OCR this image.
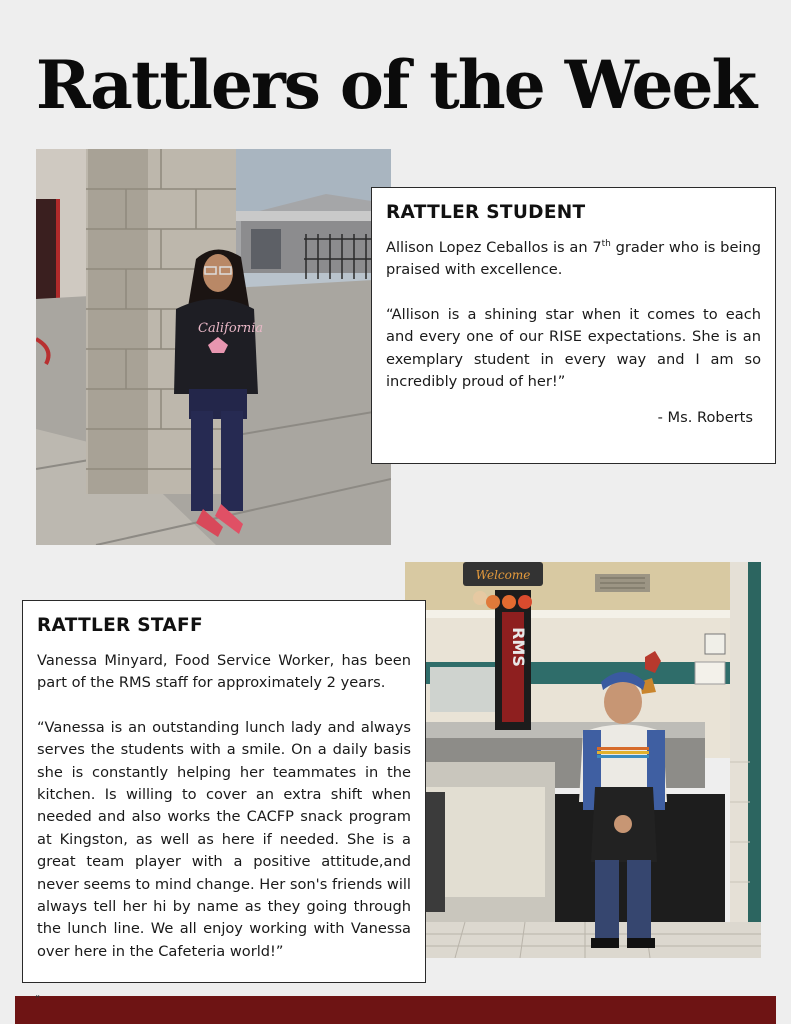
Rattlers of the Week
California
RATTLER STUDENT

Allison Lopez Ceballos is an 7th grader who is being praised with excellence.

“Allison is a shining star when it comes to each and every one of our RISE expectations. She is an exemplary student in every way and I am so incredibly proud of her!”

- Ms. Roberts

RMS
Welcome
RATTLER STAFF

Vanessa Minyard, Food Service Worker, has been part of the RMS staff for approximately 2 years.

“Vanessa is an outstanding lunch lady and always serves the students with a smile. On a daily basis she is constantly helping her teammates in the kitchen. Is willing to cover an extra shift when needed and also works the CACFP snack program at Kingston, as well as here if needed. She is a great team player with a positive attitude,and never seems to mind change. Her son's friends will always tell her hi by name as they going through the lunch line. We all enjoy working with Vanessa over here in the Cafeteria world!”

“
